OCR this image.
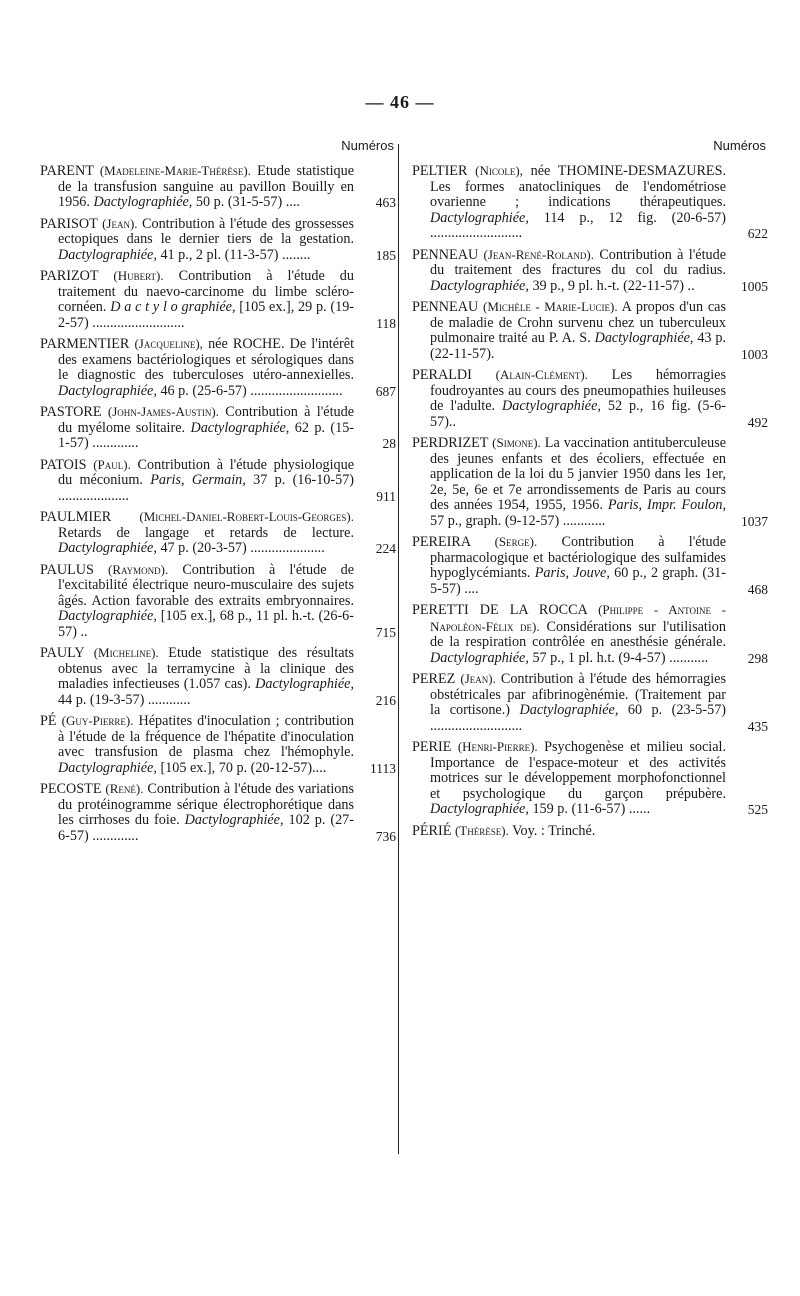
— 46 —
Numéros
PARENT (Madeleine-Marie-Thérèse). Etude statistique de la transfusion sanguine au pavillon Bouilly en 1956. Dactylographiée, 50 p. (31-5-57) ....	463
PARISOT (Jean). Contribution à l'étude des grossesses ectopiques dans le dernier tiers de la gestation. Dactylographiée, 41 p., 2 pl. (11-3-57) ........	185
PARIZOT (Hubert). Contribution à l'étude du traitement du naevo-carcinome du limbe scléro-cornéen. D a c t y l o graphiée, [105 ex.], 29 p. (19-2-57) ..........................	118
PARMENTIER (Jacqueline), née ROCHE. De l'intérêt des examens bactériologiques et sérologiques dans le diagnostic des tuberculoses utéro-annexielles. Dactylographiée, 46 p. (25-6-57) ..........................	687
PASTORE (John-James-Austin). Contribution à l'étude du myélome solitaire. Dactylographiée, 62 p. (15-1-57) .............	28
PATOIS (Paul). Contribution à l'étude physiologique du méconium. Paris, Germain, 37 p. (16-10-57) ....................	911
PAULMIER (Michel-Daniel-Robert-Louis-Georges). Retards de langage et retards de lecture. Dactylographiée, 47 p. (20-3-57) .....................	224
PAULUS (Raymond). Contribution à l'étude de l'excitabilité électrique neuro-musculaire des sujets âgés. Action favorable des extraits embryonnaires. Dactylographiée, [105 ex.], 68 p., 11 pl. h.-t. (26-6-57) ..	715
PAULY (Micheline). Etude statistique des résultats obtenus avec la terramycine à la clinique des maladies infectieuses (1.057 cas). Dactylographiée, 44 p. (19-3-57) ............	216
PÉ (Guy-Pierre). Hépatites d'inoculation ; contribution à l'étude de la fréquence de l'hépatite d'inoculation avec transfusion de plasma chez l'hémophyle. Dactylographiée, [105 ex.], 70 p. (20-12-57)....	1113
PECOSTE (René). Contribution à l'étude des variations du protéinogramme sérique électrophorétique dans les cirrhoses du foie. Dactylographiée, 102 p. (27-6-57) .............	736
Numéros
PELTIER (Nicole), née THOMINE-DESMAZURES. Les formes anatocliniques de l'endométriose ovarienne ; indications thérapeutiques. Dactylographiée, 114 p., 12 fig. (20-6-57) ..........................	622
PENNEAU (Jean-René-Roland). Contribution à l'étude du traitement des fractures du col du radius. Dactylographiée, 39 p., 9 pl. h.-t. (22-11-57) ..	1005
PENNEAU (Michèle - Marie-Lucie). A propos d'un cas de maladie de Crohn survenu chez un tuberculeux pulmonaire traité au P. A. S. Dactylographiée, 43 p. (22-11-57).	1003
PERALDI (Alain-Clément). Les hémorragies foudroyantes au cours des pneumopathies huileuses de l'adulte. Dactylographiée, 52 p., 16 fig. (5-6-57)..	492
PERDRIZET (Simone). La vaccination antituberculeuse des jeunes enfants et des écoliers, effectuée en application de la loi du 5 janvier 1950 dans les 1er, 2e, 5e, 6e et 7e arrondissements de Paris au cours des années 1954, 1955, 1956. Paris, Impr. Foulon, 57 p., graph. (9-12-57) ............	1037
PEREIRA (Serge). Contribution à l'étude pharmacologique et bactériologique des sulfamides hypoglycémiants. Paris, Jouve, 60 p., 2 graph. (31-5-57) ....	468
PERETTI DE LA ROCCA (Philippe - Antoine - Napoléon-Félix de). Considérations sur l'utilisation de la respiration contrôlée en anesthésie générale. Dactylographiée, 57 p., 1 pl. h.t. (9-4-57) ...........	298
PEREZ (Jean). Contribution à l'étude des hémorragies obstétricales par afibrinogènémie. (Traitement par la cortisone.) Dactylographiée, 60 p. (23-5-57) ..........................	435
PERIE (Henri-Pierre). Psychogenèse et milieu social. Importance de l'espace-moteur et des activités motrices sur le développement morphofonctionnel et psychologique du garçon prépubère. Dactylographiée, 159 p. (11-6-57) ......	525
PÉRIÉ (Thérèse). Voy. : Trinché.
